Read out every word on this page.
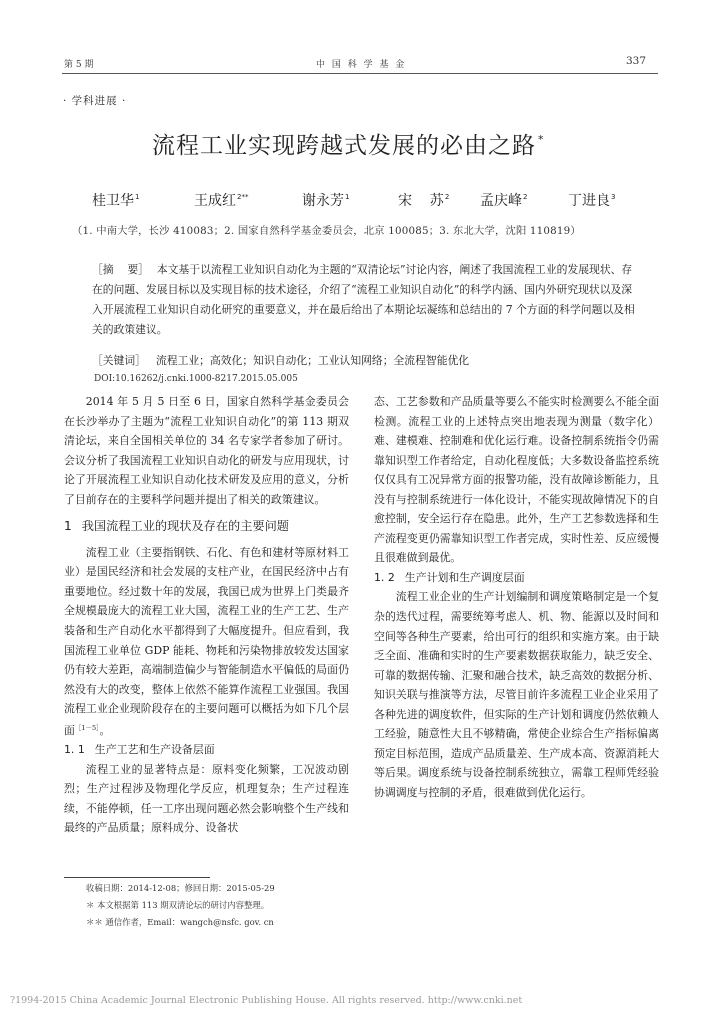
第 5 期	中 国 科 学 基 金	337
· 学科进展 ·
流程工业实现跨越式发展的必由之路 *
桂卫华$^1$	王成红$^{2**}$	谢永芳$^1$	宋    苏$^2$ 孟庆峰$^2$	丁进良$^3$
（1. 中南大学，长沙 410083；2. 国家自然科学基金委员会，北京 100085；3. 东北大学，沈阳 110819）
［摘    要］ 本文基于以流程工业知识自动化为主题的“双清论坛”讨论内容，阐述了我国流程工业的发展现状、存在的问题、发展目标以及实现目标的技术途径，介绍了“流程工业知识自动化”的科学内涵、国内外研究现状以及深入开展流程工业知识自动化研究的重要意义，并在最后给出了本期论坛凝练和总结出的 7 个方面的科学问题以及相关的政策建议。
［关键词］ 流程工业；高效化；知识自动化；工业认知网络；全流程智能优化
DOI:10.16262/j.cnki.1000-8217.2015.05.005

2014 年 5 月 5 日至 6 日，国家自然科学基金委员会在长沙举办了主题为“流程工业知识自动化”的第 113 期双清论坛，来自全国相关单位的 34 名专家学者参加了研讨。会议分析了我国流程工业知识自动化的研发与应用现状，讨论了开展流程工业知识自动化技术研发及应用的意义，分析了目前存在的主要科学问题并提出了相关的政策建议。

1 我国流程工业的现状及存在的主要问题

流程工业（主要指钢铁、石化、有色和建材等原材料工业）是国民经济和社会发展的支柱产业，在国民经济中占有重要地位。经过数十年的发展，我国已成为世界上门类最齐全规模最庞大的流程工业大国，流程工业的生产工艺、生产装备和生产自动化水平都得到了大幅度提升。但应看到，我国流程工业单位 GDP 能耗、物耗和污染物排放较发达国家仍有较大差距，高端制造偏少与智能制造水平偏低的局面仍然没有大的改变，整体上依然不能算作流程工业强国。我国流程工业企业现阶段存在的主要问题可以概括为如下几个层面$^{[1-5]}$。

1. 1 生产工艺和生产设备层面

流程工业的显著特点是：原料变化频繁，工况波动剧烈；生产过程涉及物理化学反应，机理复杂；生产过程连续，不能停顿，任一工序出现问题必然会影响整个生产线和最终的产品质量；原料成分、设备状

态、工艺参数和产品质量等要么不能实时检测要么不能全面检测。流程工业的上述特点突出地表现为测量（数字化）难、建模难、控制难和优化运行难。设备控制系统指令仍需靠知识型工作者给定，自动化程度低；大多数设备监控系统仅仅具有工况异常方面的报警功能，没有故障诊断能力，且没有与控制系统进行一体化设计，不能实现故障情况下的自愈控制，安全运行存在隐患。此外，生产工艺参数选择和生产流程变更仍需靠知识型工作者完成，实时性差、反应缓慢且很难做到最优。

1. 2 生产计划和生产调度层面

流程工业企业的生产计划编制和调度策略制定是一个复杂的迭代过程，需要统筹考虑人、机、物、能源以及时间和空间等各种生产要素，给出可行的组织和实施方案。由于缺乏全面、准确和实时的生产要素数据获取能力，缺乏安全、可靠的数据传输、汇聚和融合技术，缺乏高效的数据分析、知识关联与推演等方法，尽管目前许多流程工业企业采用了各种先进的调度软件，但实际的生产计划和调度仍然依赖人工经验，随意性大且不够精确，常使企业综合生产指标偏离预定目标范围，造成产品质量差、生产成本高、资源消耗大等后果。调度系统与设备控制系统独立，需靠工程师凭经验协调调度与控制的矛盾，很难做到优化运行。

收稿日期：2014-12-08；修回日期：2015-05-29
＊ 本文根据第 113 期双清论坛的研讨内容整理。
＊＊ 通信作者，Email：wangch@nsfc. gov. cn
?1994-2015 China Academic Journal Electronic Publishing House. All rights reserved. http://www.cnki.net
